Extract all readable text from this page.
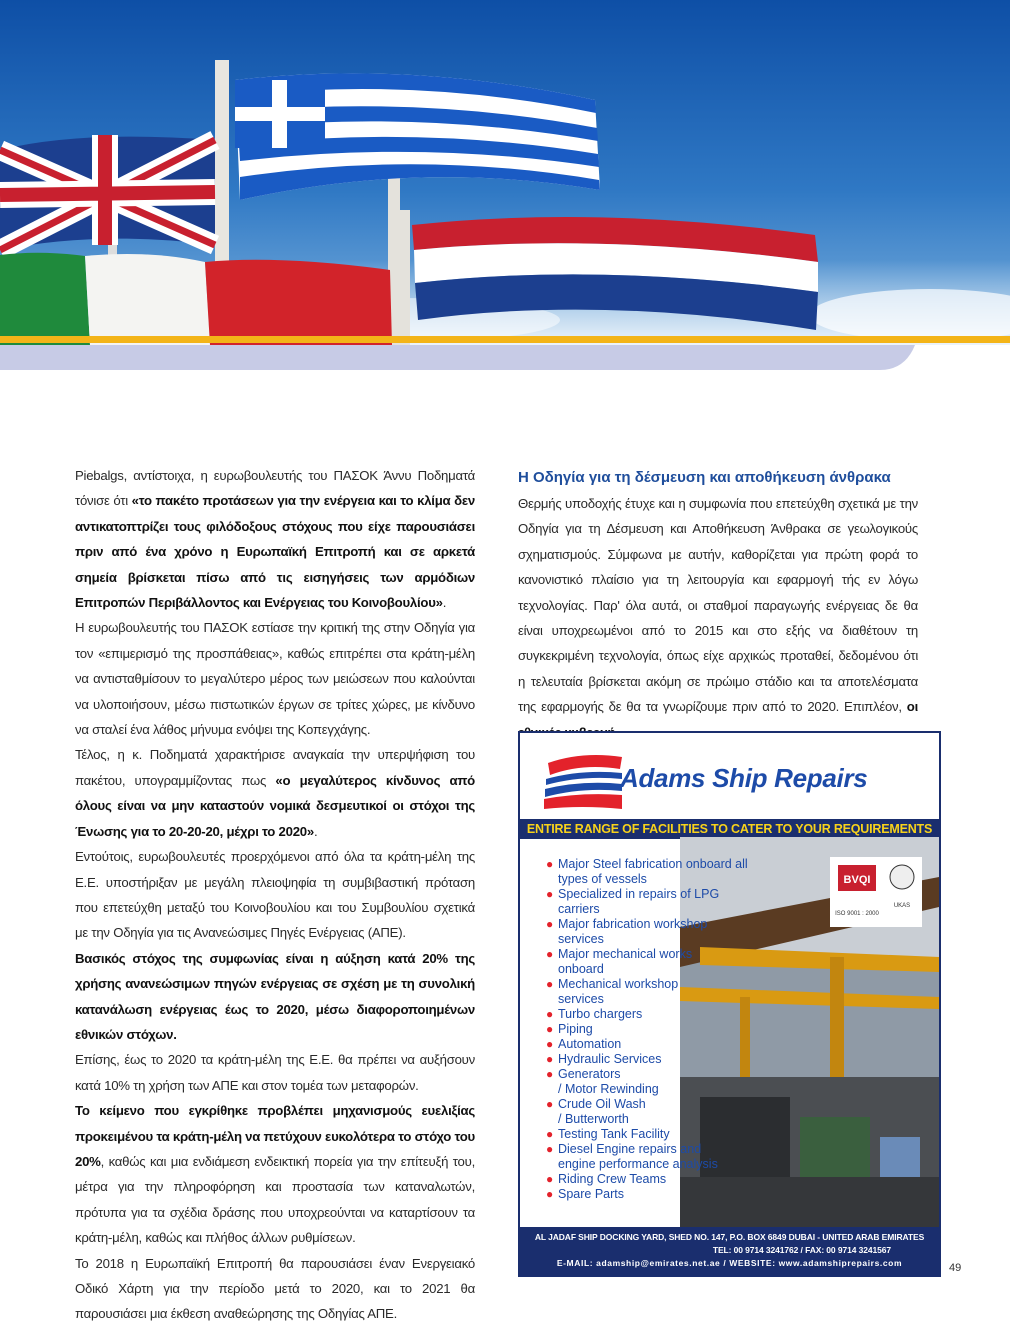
Piebalgs, αντίστοιχα, η ευρωβουλευτής του ΠΑΣΟΚ Άννυ Ποδηματά τόνισε ότι «το πακέτο προτάσεων για την ενέργεια και το κλίμα δεν αντικατοπτρίζει τους φιλόδοξους στόχους που είχε παρουσιάσει πριν από ένα χρόνο η Ευρωπαϊκή Επιτροπή και σε αρκετά σημεία βρίσκεται πίσω από τις εισηγήσεις των αρμόδιων Επιτροπών Περιβάλλοντος και Ενέργειας του Κοινοβουλίου».

Η ευρωβουλευτής του ΠΑΣΟΚ εστίασε την κριτική της στην Οδηγία για τον «επιμερισμό της προσπάθειας», καθώς επιτρέπει στα κράτη-μέλη να αντισταθμίσουν το μεγαλύτερο μέρος των μειώσεων που καλούνται να υλοποιήσουν, μέσω πιστωτικών έργων σε τρίτες χώρες, με κίνδυνο να σταλεί ένα λάθος μήνυμα ενόψει της Κοπεγχάγης.

Τέλος, η κ. Ποδηματά χαρακτήρισε αναγκαία την υπερψήφιση του πακέτου, υπογραμμίζοντας πως «ο μεγαλύτερος κίνδυνος από όλους είναι να μην καταστούν νομικά δεσμευτικοί οι στόχοι της Ένωσης για το 20-20-20, μέχρι το 2020».

Εντούτοις, ευρωβουλευτές προερχόμενοι από όλα τα κράτη-μέλη της Ε.Ε. υποστήριξαν με μεγάλη πλειοψηφία τη συμβιβαστική πρόταση που επετεύχθη μεταξύ του Κοινοβουλίου και του Συμβουλίου σχετικά με την Οδηγία για τις Ανανεώσιμες Πηγές Ενέργειας (ΑΠΕ).

Βασικός στόχος της συμφωνίας είναι η αύξηση κατά 20% της χρήσης ανανεώσιμων πηγών ενέργειας σε σχέση με τη συνολική κατανάλωση ενέργειας έως το 2020, μέσω διαφοροποιημένων εθνικών στόχων.

Επίσης, έως το 2020 τα κράτη-μέλη της Ε.Ε. θα πρέπει να αυξήσουν κατά 10% τη χρήση των ΑΠΕ και στον τομέα των μεταφορών.

Το κείμενο που εγκρίθηκε προβλέπει μηχανισμούς ευελιξίας προκειμένου τα κράτη-μέλη να πετύχουν ευκολότερα το στόχο του 20%, καθώς και μια ενδιάμεση ενδεικτική πορεία για την επίτευξή του, μέτρα για την πληροφόρηση και προστασία των καταναλωτών, πρότυπα για τα σχέδια δράσης που υποχρεούνται να καταρτίσουν τα κράτη-μέλη, καθώς και πλήθος άλλων ρυθμίσεων.

Το 2018 η Ευρωπαϊκή Επιτροπή θα παρουσιάσει έναν Ενεργειακό Οδικό Χάρτη για την περίοδο μετά το 2020, και το 2021 θα παρουσιάσει μια έκθεση αναθεώρησης της Οδηγίας ΑΠΕ.

Η Οδηγία για τη δέσμευση και αποθήκευση άνθρακα

Θερμής υποδοχής έτυχε και η συμφωνία που επετεύχθη σχετικά με την Οδηγία για τη Δέσμευση και Αποθήκευση Άνθρακα σε γεωλογικούς σχηματισμούς. Σύμφωνα με αυτήν, καθορίζεται για πρώτη φορά το κανονιστικό πλαίσιο για τη λειτουργία και εφαρμογή τής εν λόγω τεχνολογίας. Παρ' όλα αυτά, οι σταθμοί παραγωγής ενέργειας δε θα είναι υποχρεωμένοι από το 2015 και στο εξής να διαθέτουν τη συγκεκριμένη τεχνολογία, όπως είχε αρχικώς προταθεί, δεδομένου ότι η τελευταία βρίσκεται ακόμη σε πρώιμο στάδιο και τα αποτελέσματα της εφαρμογής δε θα τα γνωρίζουμε πριν από το 2020. Επιπλέον, οι

Adams Ship Repairs
ENTIRE RANGE OF FACILITIES TO CATER TO YOUR REQUIREMENTS
BVQI
UKAS
ISO 9001 : 2000
● Major Steel fabrication onboard all
types of vessels
● Specialized in repairs of LPG
carriers
● Major fabrication workshop
services
● Major mechanical works
onboard
● Mechanical workshop
services
● Turbo chargers
● Piping
● Automation
● Hydraulic Services
● Generators
/ Motor Rewinding
● Crude Oil Wash
/ Butterworth
● Testing Tank Facility
● Diesel Engine repairs and
engine performance analysis
● Riding Crew Teams
● Spare Parts
AL JADAF SHIP DOCKING YARD, SHED NO. 147, P.O. BOX 6849 DUBAI - UNITED ARAB EMIRATES
TEL: 00 9714 3241762 / FAX: 00 9714 3241567
E-MAIL: adamship@emirates.net.ae / WEBSITE: www.adamshiprepairs.com	49
